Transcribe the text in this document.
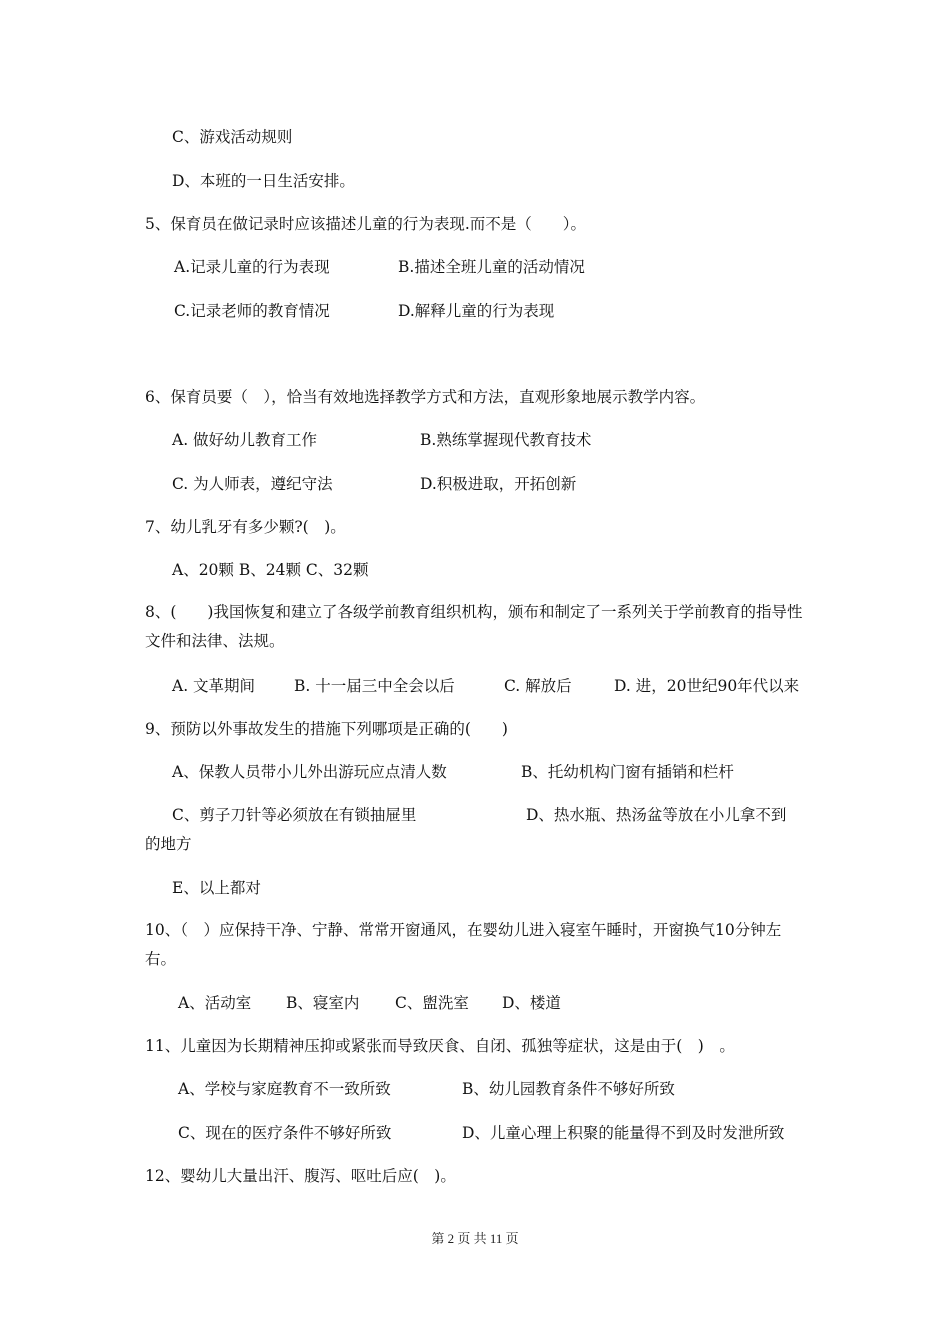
C、游戏活动规则
D、本班的一日生活安排。
5、保育员在做记录时应该描述儿童的行为表现.而不是（　　）。
A.记录儿童的行为表现	B.描述全班儿童的活动情况
C.记录老师的教育情况	D.解释儿童的行为表现
6、保育员要（　），恰当有效地选择教学方式和方法，直观形象地展示教学内容。
A. 做好幼儿教育工作	B.熟练掌握现代教育技术
C. 为人师表，遵纪守法	D.积极进取，开拓创新
7、幼儿乳牙有多少颗?(　)。
A、20颗 B、24颗 C、32颗
8、(　　)我国恢复和建立了各级学前教育组织机构，颁布和制定了一系列关于学前教育的指导性文件和法律、法规。
A. 文革期间	B. 十一届三中全会以后	C. 解放后	D. 进，20世纪90年代以来
9、预防以外事故发生的措施下列哪项是正确的(　　)
A、保教人员带小儿外出游玩应点清人数	B、托幼机构门窗有插销和栏杆
C、剪子刀针等必须放在有锁抽屉里	D、热水瓶、热汤盆等放在小儿拿不到
的地方
E、以上都对
10、（　）应保持干净、宁静、常常开窗通风，在婴幼儿进入寝室午睡时，开窗换气10分钟左右。
A、活动室 B、寝室内 C、盥洗室 D、楼道
11、儿童因为长期精神压抑或紧张而导致厌食、自闭、孤独等症状，这是由于(　)　。
A、学校与家庭教育不一致所致	B、幼儿园教育条件不够好所致
C、现在的医疗条件不够好所致	D、儿童心理上积聚的能量得不到及时发泄所致
12、婴幼儿大量出汗、腹泻、呕吐后应(　)。
第 2 页 共 11 页
